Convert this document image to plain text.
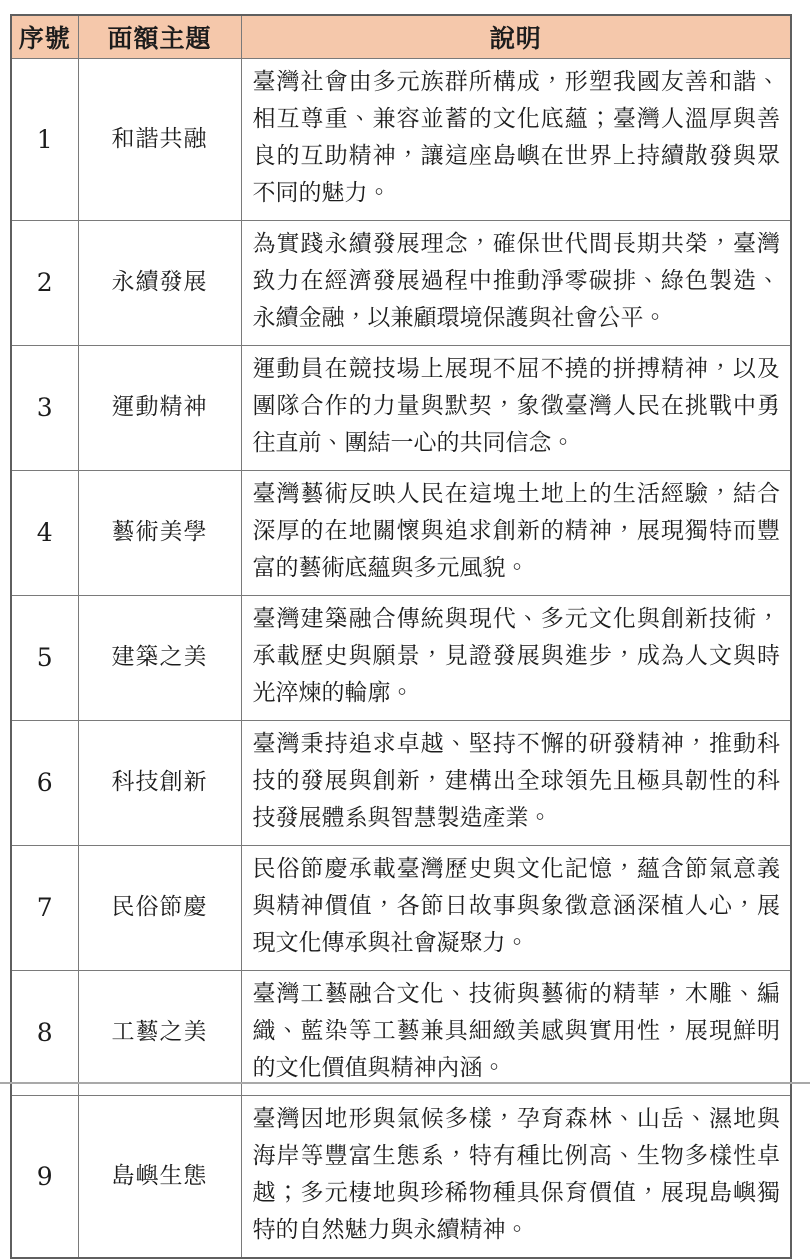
序號	面額主題	說明
1	和諧共融	臺灣社會由多元族群所構成，形塑我國友善和諧、相互尊重、兼容並蓄的文化底蘊；臺灣人溫厚與善良的互助精神，讓這座島嶼在世界上持續散發與眾不同的魅力。
2	永續發展	為實踐永續發展理念，確保世代間長期共榮，臺灣致力在經濟發展過程中推動淨零碳排、綠色製造、永續金融，以兼顧環境保護與社會公平。
3	運動精神	運動員在競技場上展現不屈不撓的拼搏精神，以及團隊合作的力量與默契，象徵臺灣人民在挑戰中勇往直前、團結一心的共同信念。
4	藝術美學	臺灣藝術反映人民在這塊土地上的生活經驗，結合深厚的在地關懷與追求創新的精神，展現獨特而豐富的藝術底蘊與多元風貌。
5	建築之美	臺灣建築融合傳統與現代、多元文化與創新技術，承載歷史與願景，見證發展與進步，成為人文與時光淬煉的輪廓。
6	科技創新	臺灣秉持追求卓越、堅持不懈的研發精神，推動科技的發展與創新，建構出全球領先且極具韌性的科技發展體系與智慧製造產業。
7	民俗節慶	民俗節慶承載臺灣歷史與文化記憶，蘊含節氣意義與精神價值，各節日故事與象徵意涵深植人心，展現文化傳承與社會凝聚力。
8	工藝之美	臺灣工藝融合文化、技術與藝術的精華，木雕、編織、藍染等工藝兼具細緻美感與實用性，展現鮮明的文化價值與精神內涵。
9	島嶼生態	臺灣因地形與氣候多樣，孕育森林、山岳、濕地與海岸等豐富生態系，特有種比例高、生物多樣性卓越；多元棲地與珍稀物種具保育價值，展現島嶼獨特的自然魅力與永續精神。
